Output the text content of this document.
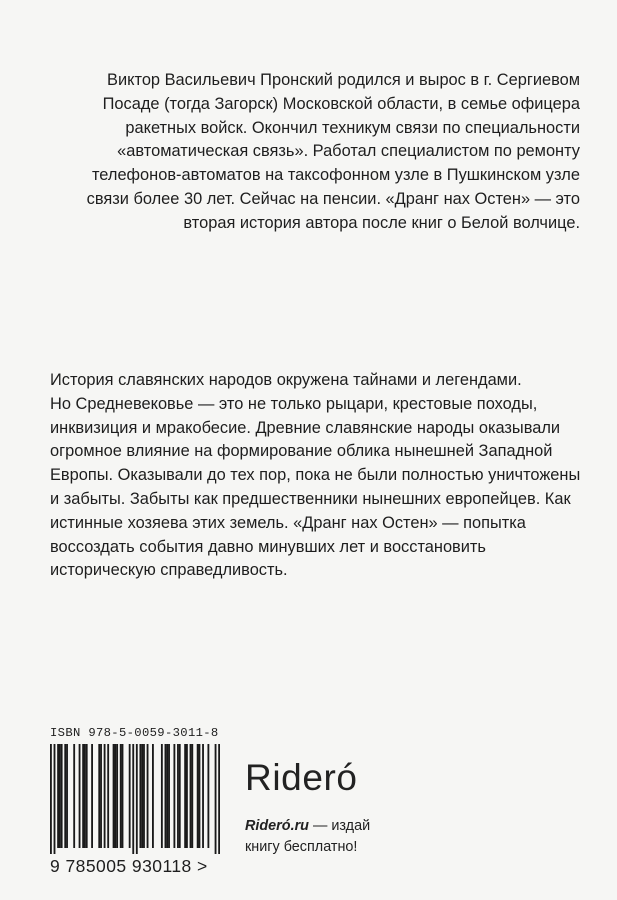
Виктор Васильевич Пронский родился и вырос в г. Сергиевом
Посаде (тогда Загорск) Московской области, в семье офицера
ракетных войск. Окончил техникум связи по специальности
«автоматическая связь». Работал специалистом по ремонту
телефонов-автоматов на таксофонном узле в Пушкинском узле
связи более 30 лет. Сейчас на пенсии. «Дранг нах Остен» — это
вторая история автора после книг о Белой волчице.
История славянских народов окружена тайнами и легендами.
Но Средневековье — это не только рыцари, крестовые походы,
инквизиция и мракобесие. Древние славянские народы оказывали
огромное влияние на формирование облика нынешней Западной
Европы. Оказывали до тех пор, пока не были полностью уничтожены
и забыты. Забыты как предшественники нынешних европейцев. Как
истинные хозяева этих земель. «Дранг нах Остен» — попытка
воссоздать события давно минувших лет и восстановить
историческую справедливость.
ISBN 978-5-0059-3011-8
9 785005 930118 >
Rideró
Rideró.ru — издай
книгу бесплатно!
